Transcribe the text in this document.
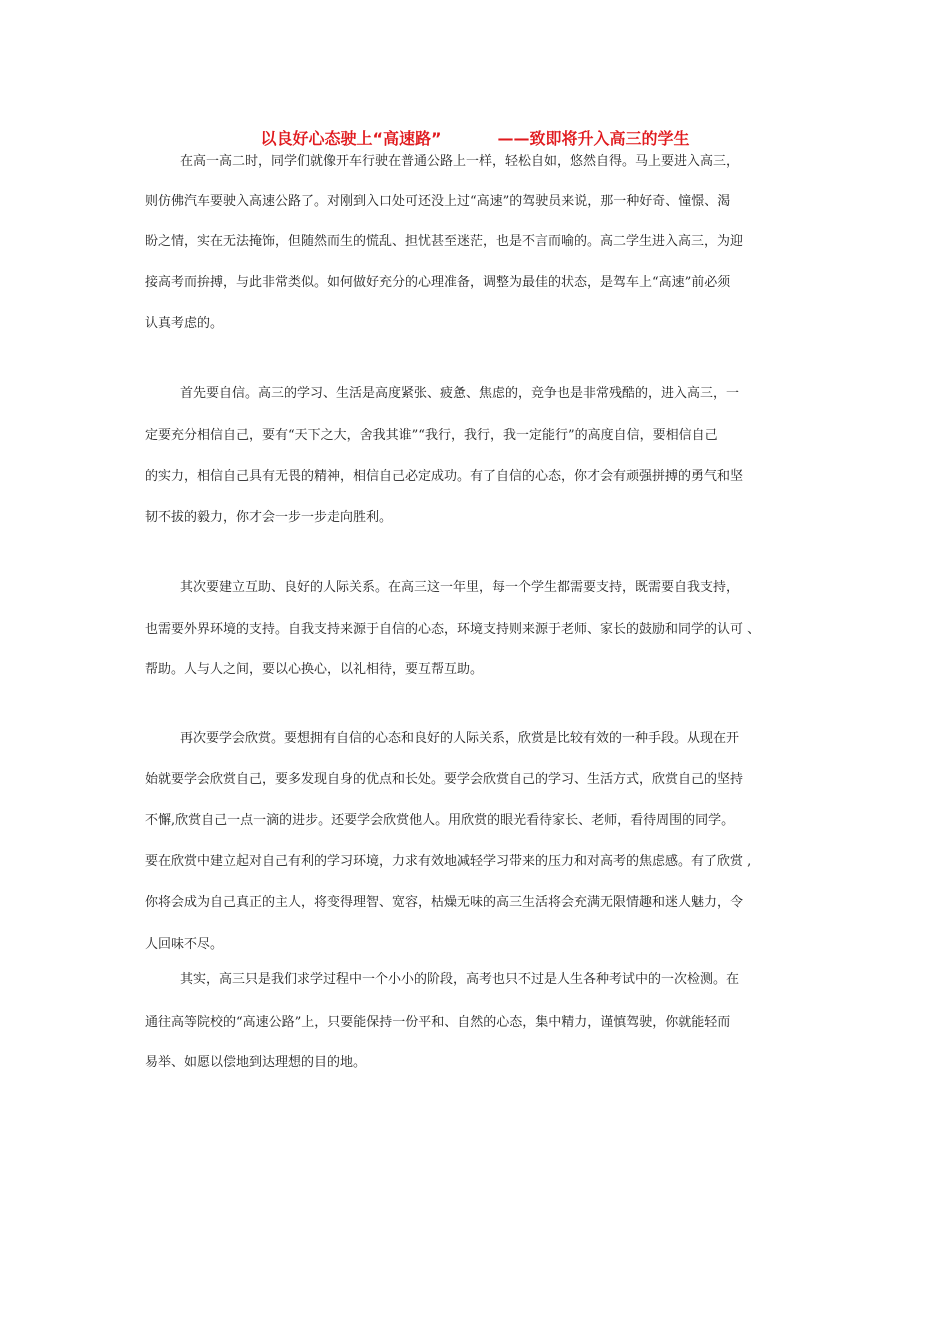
以良好心态驶上“高速路”	——致即将升入高三的学生
在高一高二时，同学们就像开车行驶在普通公路上一样，轻松自如，悠然自得。马上要进入高三，
则仿佛汽车要驶入高速公路了。对刚到入口处可还没上过“高速”的驾驶员来说，那一种好奇、憧憬、渴
盼之情，实在无法掩饰，但随然而生的慌乱、担忧甚至迷茫，也是不言而喻的。高二学生进入高三，为迎
接高考而拚搏，与此非常类似。如何做好充分的心理准备，调整为最佳的状态，是驾车上“高速”前必须
认真考虑的。
首先要自信。高三的学习、生活是高度紧张、疲惫、焦虑的，竞争也是非常残酷的，进入高三，一
定要充分相信自己，要有“天下之大，舍我其谁”“我行，我行，我一定能行”的高度自信，要相信自己
的实力，相信自己具有无畏的精神，相信自己必定成功。有了自信的心态，你才会有顽强拼搏的勇气和坚
韧不拔的毅力，你才会一步一步走向胜利。
其次要建立互助、良好的人际关系。在高三这一年里，每一个学生都需要支持，既需要自我支持，
也需要外界环境的支持。自我支持来源于自信的心态，环境支持则来源于老师、家长的鼓励和同学的认可 、
帮助。人与人之间，要以心换心，以礼相待，要互帮互助。
再次要学会欣赏。要想拥有自信的心态和良好的人际关系，欣赏是比较有效的一种手段。从现在开
始就要学会欣赏自己，要多发现自身的优点和长处。要学会欣赏自己的学习、生活方式，欣赏自己的坚持
不懈,欣赏自己一点一滴的进步。还要学会欣赏他人。用欣赏的眼光看待家长、老师，看待周围的同学。
要在欣赏中建立起对自己有利的学习环境，力求有效地减轻学习带来的压力和对高考的焦虑感。有了欣赏 ,
你将会成为自己真正的主人，将变得理智、宽容，枯燥无味的高三生活将会充满无限情趣和迷人魅力，令
人回味不尽。
其实，高三只是我们求学过程中一个小小的阶段，高考也只不过是人生各种考试中的一次检测。在
通往高等院校的“高速公路”上，只要能保持一份平和、自然的心态，集中精力，谨慎驾驶，你就能轻而
易举、如愿以偿地到达理想的目的地。
